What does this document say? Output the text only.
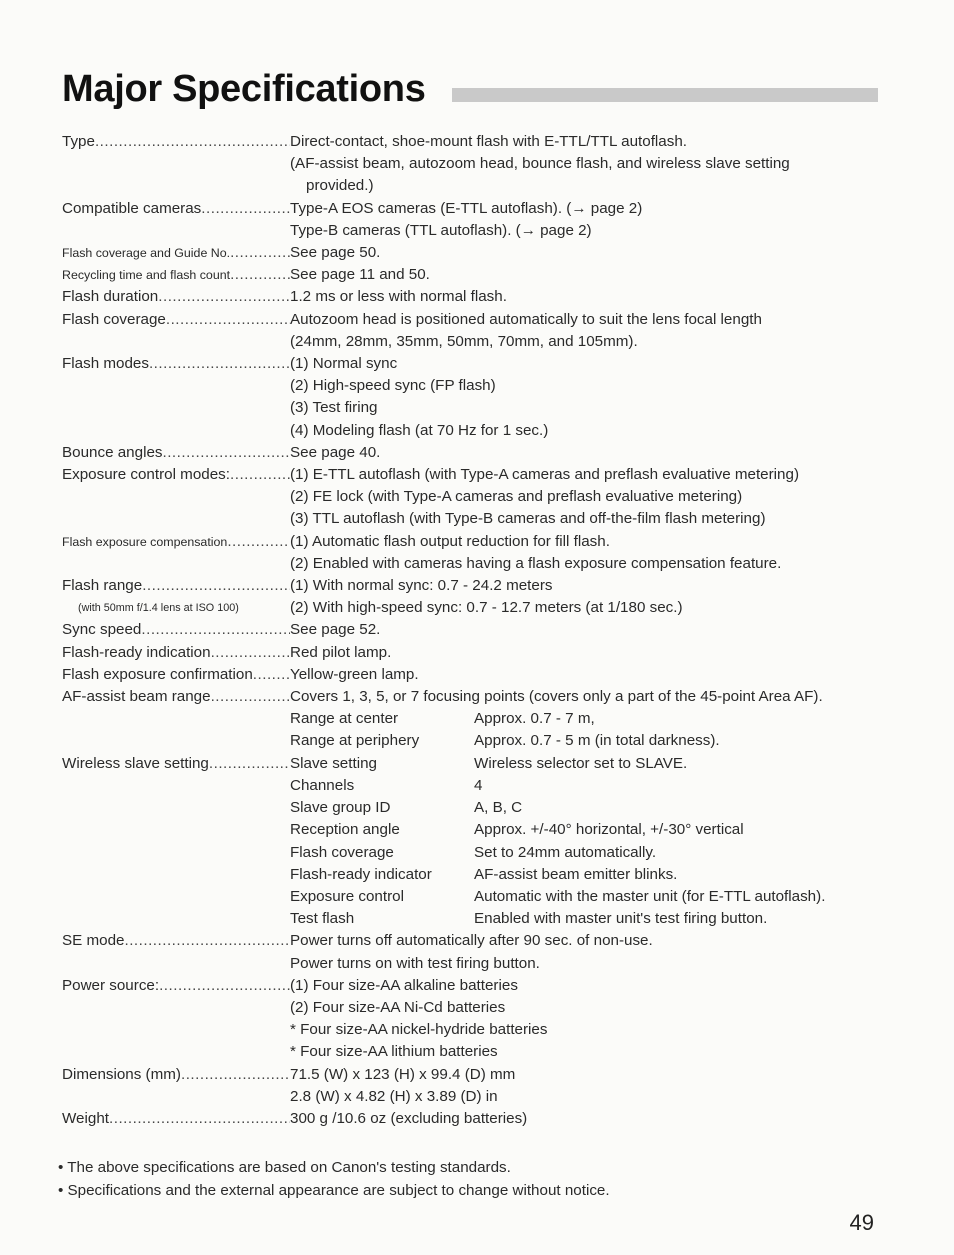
Major Specifications
Type .....	Direct-contact, shoe-mount flash with E-TTL/TTL autoflash.
(AF-assist beam, autozoom head, bounce flash, and wireless slave setting
provided.)
Compatible cameras .....	Type-A EOS cameras (E-TTL autoflash). (→ page 2)
Type-B cameras (TTL autoflash). (→ page 2)
Flash coverage and Guide No. .....	See page 50.
Recycling time and flash count .....	See page 11 and 50.
Flash duration .....	1.2 ms or less with normal flash.
Flash coverage .....	Autozoom head is positioned automatically to suit the lens focal length
(24mm, 28mm, 35mm, 50mm, 70mm, and 105mm).
Flash modes .....	(1) Normal sync
(2) High-speed sync (FP flash)
(3) Test firing
(4) Modeling flash (at 70 Hz for 1 sec.)
Bounce angles .....	See page 40.
Exposure control modes: .....	(1) E-TTL autoflash (with Type-A cameras and preflash evaluative metering)
(2) FE lock (with Type-A cameras and preflash evaluative metering)
(3) TTL autoflash (with Type-B cameras and off-the-film flash metering)
Flash exposure compensation .....	(1) Automatic flash output reduction for fill flash.
(2) Enabled with cameras having a flash exposure compensation feature.
Flash range .....	(1) With normal sync: 0.7 - 24.2 meters
(with 50mm f/1.4 lens at ISO 100)	(2) With high-speed sync: 0.7 - 12.7 meters (at 1/180 sec.)
Sync speed .....	See page 52.
Flash-ready indication .....	Red pilot lamp.
Flash exposure confirmation ..... Yellow-green lamp.
AF-assist beam range .....	Covers 1, 3, 5, or 7 focusing points (covers only a part of the 45-point Area AF).
Range at center	Approx. 0.7 - 7 m,
Range at periphery	Approx. 0.7 - 5 m (in total darkness).
Wireless slave setting .....	Slave setting	Wireless selector set to SLAVE.
Channels	4
Slave group ID	A, B, C
Reception angle	Approx. +/-40° horizontal, +/-30° vertical
Flash coverage	Set to 24mm automatically.
Flash-ready indicator	AF-assist beam emitter blinks.
Exposure control	Automatic with the master unit (for E-TTL autoflash).
Test flash	Enabled with master unit's test firing button.
SE mode .....	Power turns off automatically after 90 sec. of non-use.
Power turns on with test firing button.
Power source: .....	(1) Four size-AA alkaline batteries
(2) Four size-AA Ni-Cd batteries
* Four size-AA nickel-hydride batteries
* Four size-AA lithium batteries
Dimensions (mm) .....	71.5 (W) x 123 (H) x 99.4 (D) mm
2.8 (W) x 4.82 (H) x 3.89 (D) in
Weight .....	300 g /10.6 oz (excluding batteries)
• The above specifications are based on Canon's testing standards.
• Specifications and the external appearance are subject to change without notice.
49
